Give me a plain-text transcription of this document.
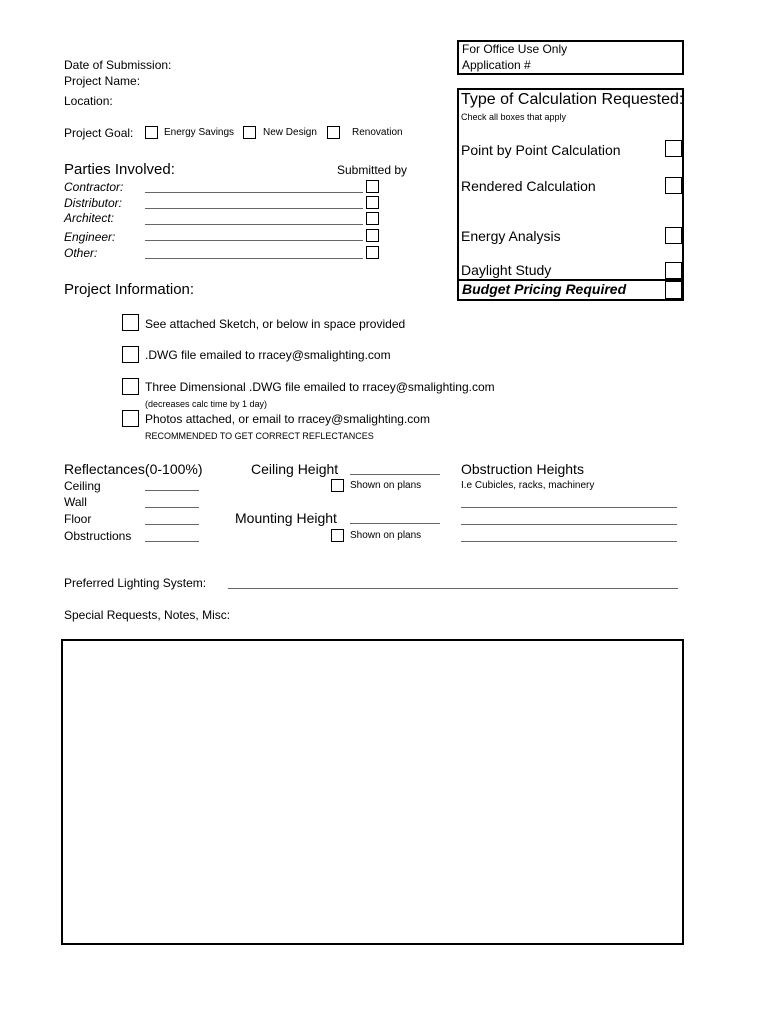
For Office Use Only
Application #
Date of Submission:
Project Name:
Location:
Project Goal:	Energy Savings	New Design	Renovation
Type of Calculation Requested:
Check all boxes that apply
Point by Point Calculation
Rendered Calculation
Energy Analysis
Daylight Study
Budget Pricing Required
Parties Involved:	Submitted by
Contractor:
Distributor:
Architect:
Engineer:
Other:
Project Information:
See attached Sketch, or below in space provided
.DWG file emailed to rracey@smalighting.com
Three Dimensional .DWG file emailed to rracey@smalighting.com
(decreases calc time by 1 day)
Photos attached, or email to rracey@smalighting.com
RECOMMENDED TO GET CORRECT REFLECTANCES
Reflectances(0-100%)
Ceiling
Wall
Floor
Obstructions
Ceiling Height
Shown on plans
Mounting Height
Shown on plans
Obstruction Heights
I.e Cubicles, racks, machinery
Preferred Lighting System:
Special Requests, Notes, Misc:
